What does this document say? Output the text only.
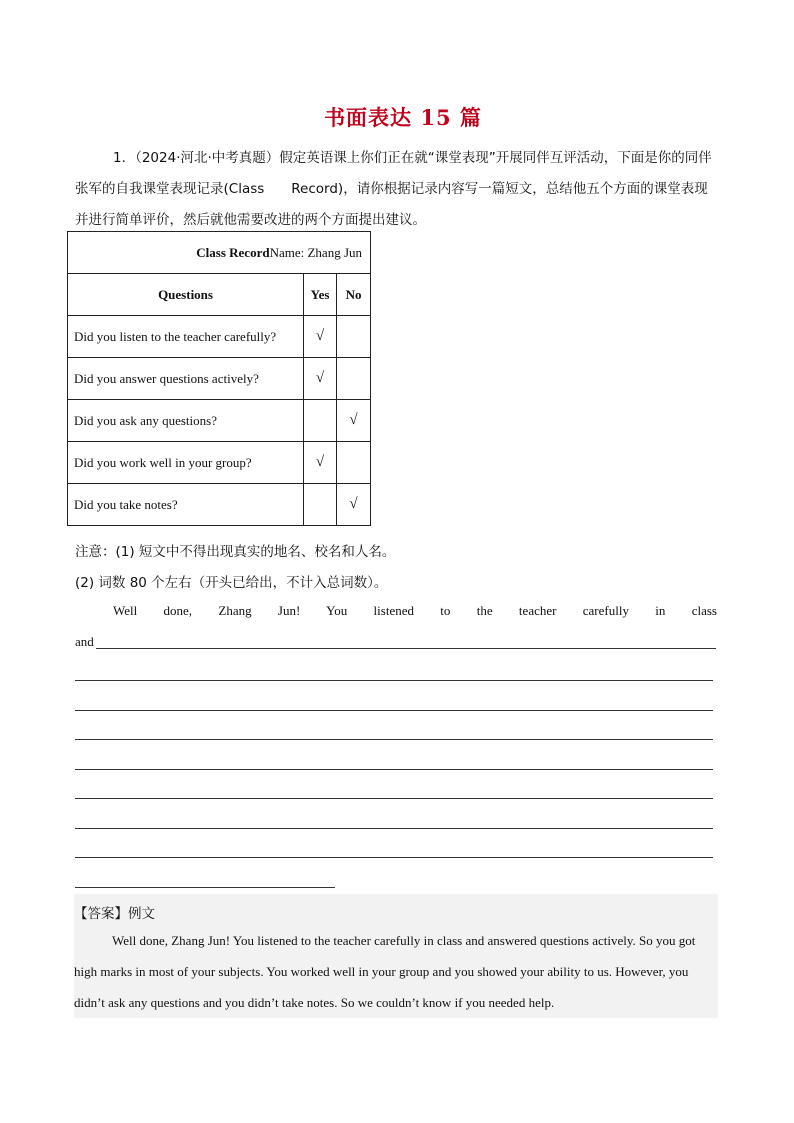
书面表达 15 篇
1．（2024·河北·中考真题）假定英语课上你们正在就“课堂表现”开展同伴互评活动，下面是你的同伴张军的自我课堂表现记录(Class　　Record)，请你根据记录内容写一篇短文，总结他五个方面的课堂表现并进行简单评价，然后就他需要改进的两个方面提出建议。
Class RecordName: Zhang Jun		
Questions	Yes	No
Did you listen to the teacher carefully?	√	
Did you answer questions actively?	√	
Did you ask any questions?		√
Did you work well in your group?	√	
Did you take notes?		√
注意：(1) 短文中不得出现真实的地名、校名和人名。
(2) 词数 80 个左右（开头已给出，不计入总词数）。
Well done, Zhang Jun! You listened to the teacher carefully in class
and
【答案】例文
Well done, Zhang Jun! You listened to the teacher carefully in class and answered questions actively. So you got high marks in most of your subjects. You worked well in your group and you showed your ability to us. However, you didn’t ask any questions and you didn’t take notes. So we couldn’t know if you needed help.
